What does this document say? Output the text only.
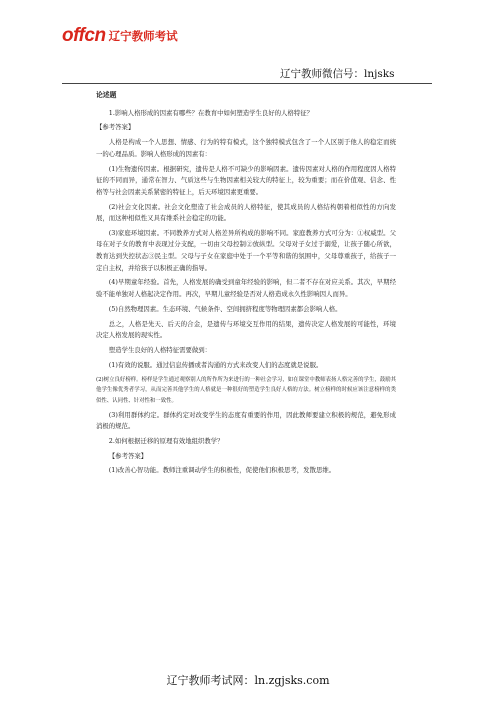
offcn 辽宁教师考试
辽宁教师微信号：lnjsks

论述题

1.影响人格形成的因素有哪些？在教育中如何塑造学生良好的人格特征？

【参考答案】

人格是构成一个人思想、情感、行为的特有模式，这个独特模式包含了一个人区别于他人的稳定而统一的心理品质。影响人格形成的因素有：

(1)生物遗传因素。根据研究，遗传是人格不可缺少的影响因素。遗传因素对人格的作用程度因人格特征的不同而异，通常在智力、气质这些与生物因素相关较大的特征上，较为重要；而在价值观、信念、性格等与社会因素关系紧密的特征上，后天环境因素更重要。

(2)社会文化因素。社会文化塑造了社会成员的人格特征，使其成员的人格结构朝着相似性的方向发展，而这种相似性又具有维系社会稳定的功能。

(3)家庭环境因素。不同教养方式对人格差异所构成的影响不同。家庭教养方式可分为：①权威型。父母在对子女的教育中表现过分支配，一切由父母控制②放纵型。父母对子女过于溺爱，让孩子随心所欲，教育达到失控状态③民主型。父母与子女在家庭中处于一个平等和谐的氛围中，父母尊重孩子，给孩子一定自主权，并给孩子以积极正确的指导。

(4)早期童年经验。首先，人格发展的确受到童年经验的影响，但二者不存在对应关系。其次，早期经验不能单独对人格起决定作用。再次，早期儿童经验是否对人格造成永久性影响因人而异。

(5)自然物理因素。生态环境、气候条件、空间拥挤程度等物理因素都会影响人格。

总之，人格是先天、后天的合金，是遗传与环境交互作用的结果，遗传决定人格发展的可能性，环境决定人格发展的现实性。

塑造学生良好的人格特征需要做到：

(1)有效的说服。通过信息传播或者沟通的方式来改变人们的态度就是说服。

(2)树立良好榜样。榜样是学生通过观察别人的所作所为来进行的一种社会学习，如在课堂中教师表扬人格完善的学生，鼓励其他学生像优秀者学习，从而完善其他学生的人格就是一种很好的塑造学生良好人格的方法。树立榜样的时候应该注意榜样的类似性、认同性、针对性和一致性。

(3)利用群体约定。群体约定对改变学生的态度有重要的作用，因此教师要建立积极的规范，避免形成消极的规范。

2.如何根据迁移的原理有效地组织教学？

【参考答案】

(1)改善心智功能。教师注重调动学生的积极性，促使他们积极思考，发散思维。

辽宁教师考试网：ln.zgjsks.com
